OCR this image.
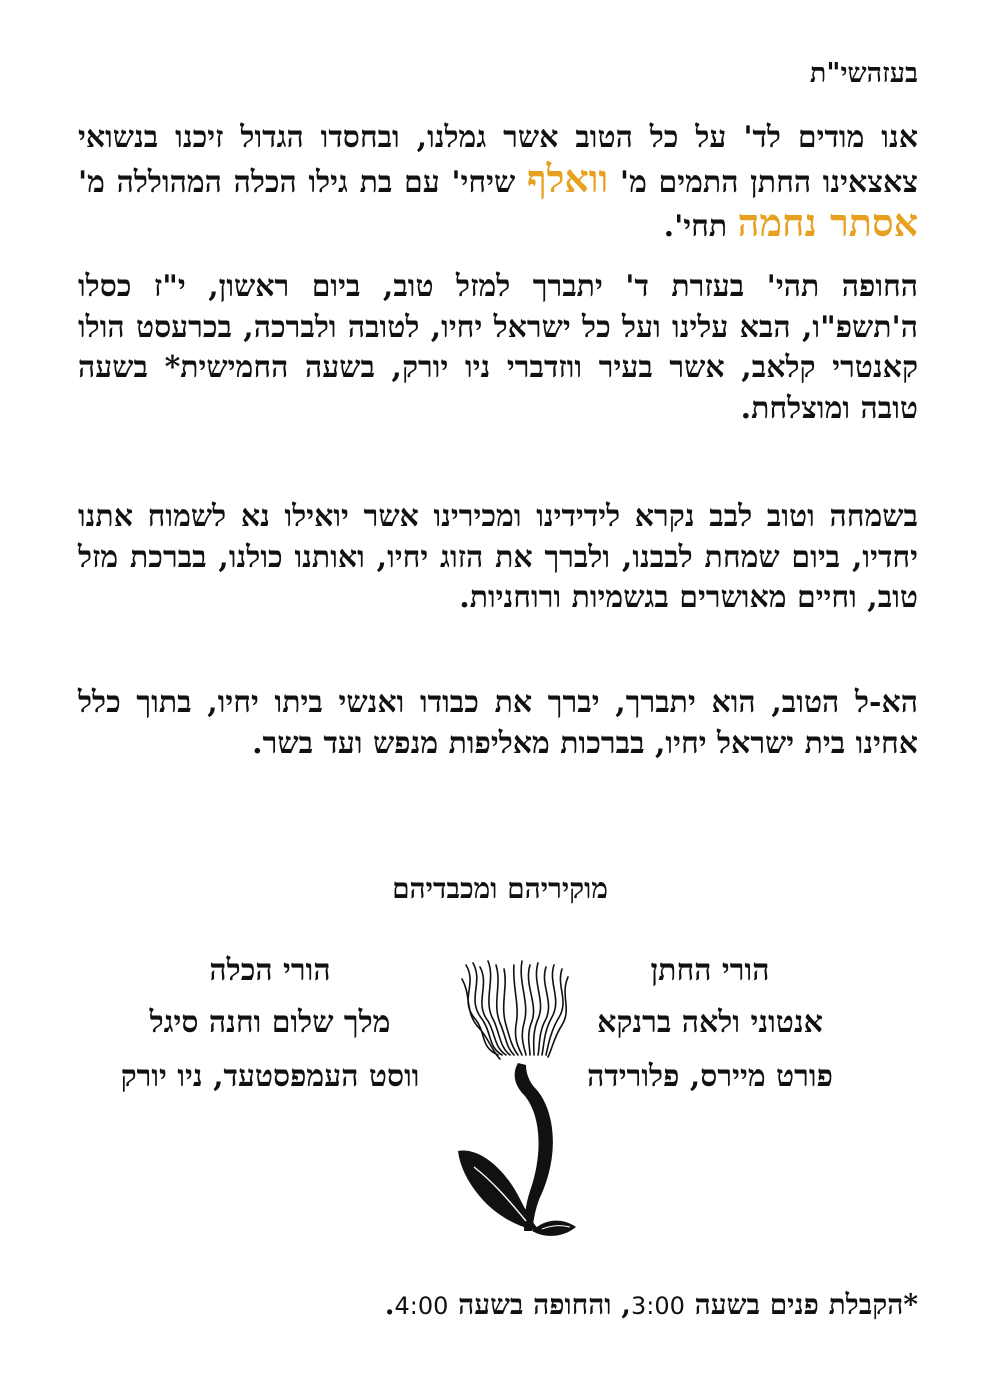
בעזהשי"ת
אנו מודים לד' על כל הטוב אשר גמלנו, ובחסדו הגדול זיכנו בנשואי צאצאינו החתן התמים מ' וואלף שיחי' עם בת גילו הכלה המהוללה מ' אסתר נחמה תחי'.
החופה תהי' בעזרת ד' יתברך למזל טוב, ביום ראשון, י"ז כסלו ה'תשפ"ו, הבא עלינו ועל כל ישראל יחיו, לטובה ולברכה, בכרעסט הולו קאנטרי קלאב, אשר בעיר ווזדברי ניו יורק, בשעה החמישית* בשעה טובה ומוצלחת.
בשמחה וטוב לבב נקרא לידידינו ומכירינו אשר יואילו נא לשמוח אתנו יחדיו, ביום שמחת לבבנו, ולברך את הזוג יחיו, ואותנו כולנו, בברכת מזל טוב, וחיים מאושרים בגשמיות ורוחניות.
הא-ל הטוב, הוא יתברך, יברך את כבודו ואנשי ביתו יחיו, בתוך כלל אחינו בית ישראל יחיו, בברכות מאליפות מנפש ועד בשר.
מוקיריהם ומכבדיהם
הורי החתן
אנטוני ולאה ברנקא
פורט מיירס, פלורידה
הורי הכלה
מלך שלום וחנה סיגל
ווסט העמפסטעד, ניו יורק
*הקבלת פנים בשעה 3:00, והחופה בשעה 4:00.
